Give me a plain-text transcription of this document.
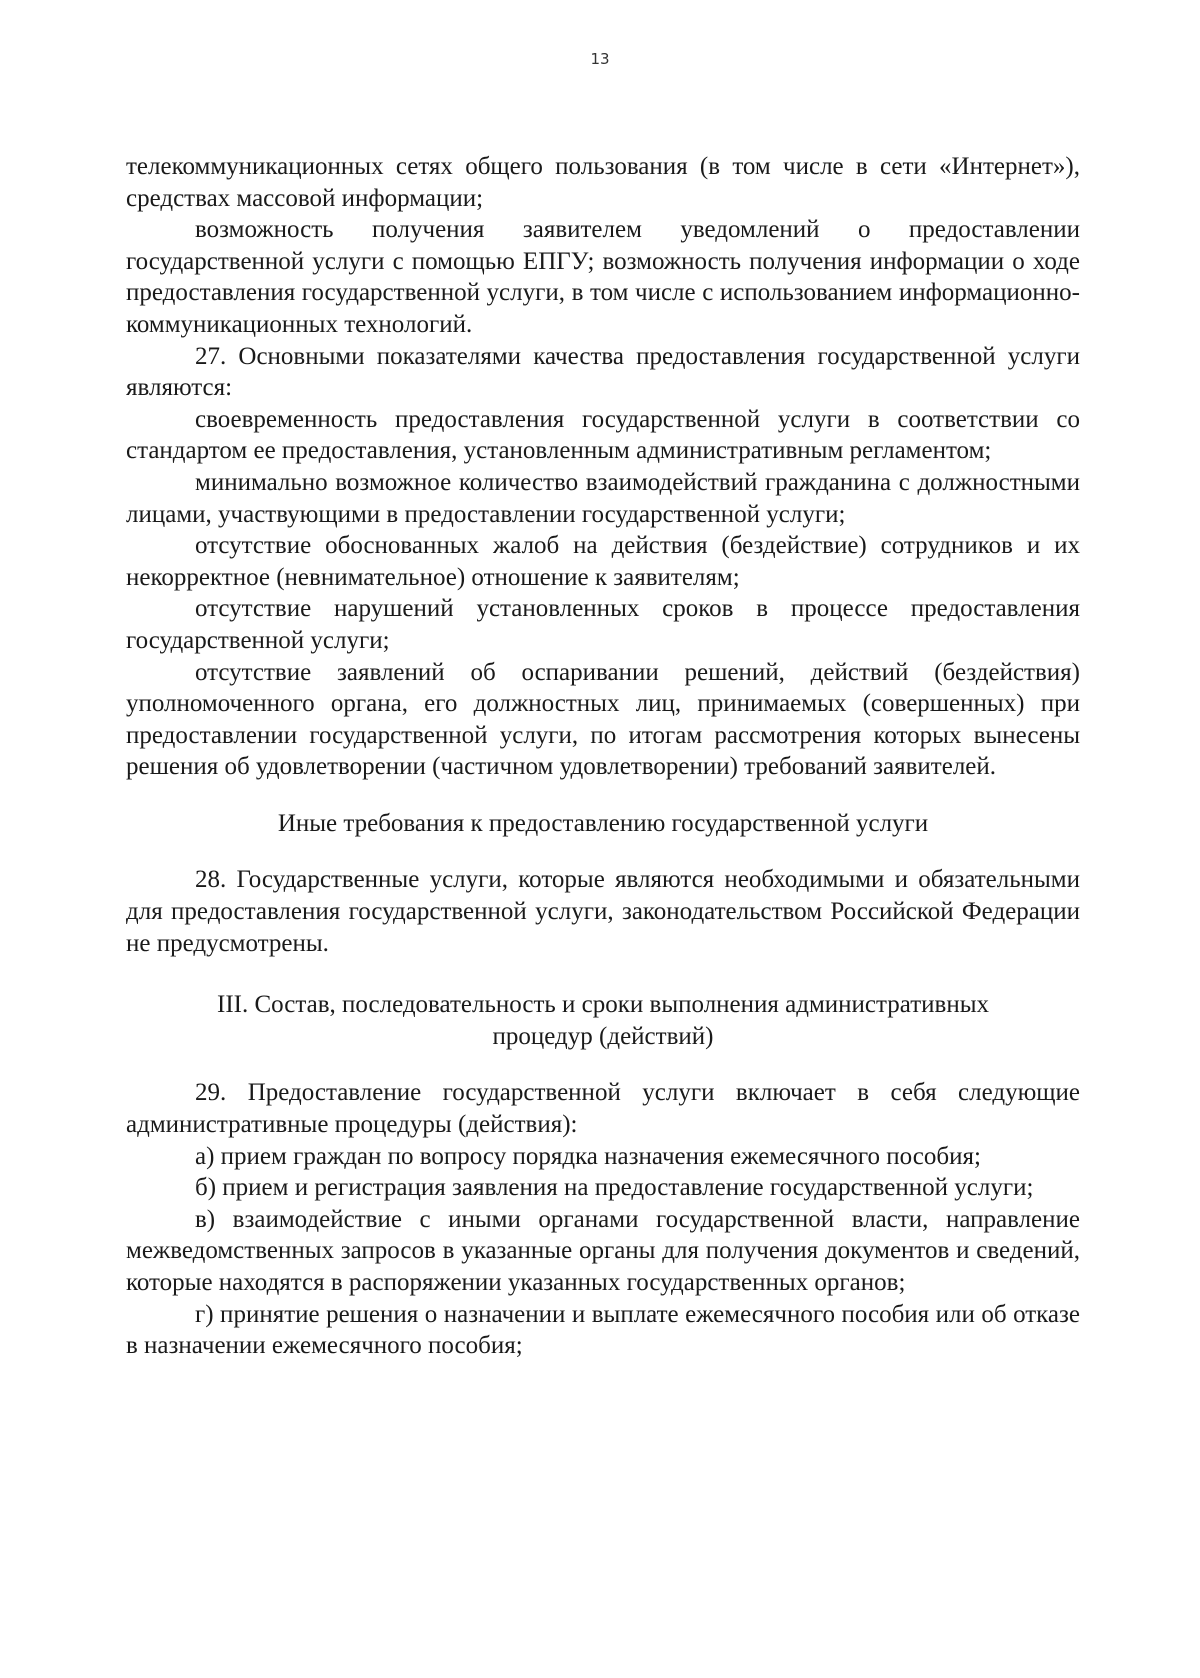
13

телекоммуникационных сетях общего пользования (в том числе в сети «Интернет»), средствах массовой информации;

возможность получения заявителем уведомлений о предоставлении государственной услуги с помощью ЕПГУ; возможность получения информации о ходе предоставления государственной услуги, в том числе с использованием информационно-коммуникационных технологий.

27. Основными показателями качества предоставления государственной услуги являются:

своевременность предоставления государственной услуги в соответствии со стандартом ее предоставления, установленным административным регламентом;

минимально возможное количество взаимодействий гражданина с должностными лицами, участвующими в предоставлении государственной услуги;

отсутствие обоснованных жалоб на действия (бездействие) сотрудников и их некорректное (невнимательное) отношение к заявителям;

отсутствие нарушений установленных сроков в процессе предоставления государственной услуги;

отсутствие заявлений об оспаривании решений, действий (бездействия) уполномоченного органа, его должностных лиц, принимаемых (совершенных) при предоставлении государственной услуги, по итогам рассмотрения которых вынесены решения об удовлетворении (частичном удовлетворении) требований заявителей.

Иные требования к предоставлению государственной услуги

28. Государственные услуги, которые являются необходимыми и обязательными для предоставления государственной услуги, законодательством Российской Федерации не предусмотрены.

III. Состав, последовательность и сроки выполнения административных

процедур (действий)

29. Предоставление государственной услуги включает в себя следующие административные процедуры (действия):

а) прием граждан по вопросу порядка назначения ежемесячного пособия;

б) прием и регистрация заявления на предоставление государственной услуги;

в) взаимодействие с иными органами государственной власти, направление межведомственных запросов в указанные органы для получения документов и сведений, которые находятся в распоряжении указанных государственных органов;

г) принятие решения о назначении и выплате ежемесячного пособия или об отказе в назначении ежемесячного пособия;
